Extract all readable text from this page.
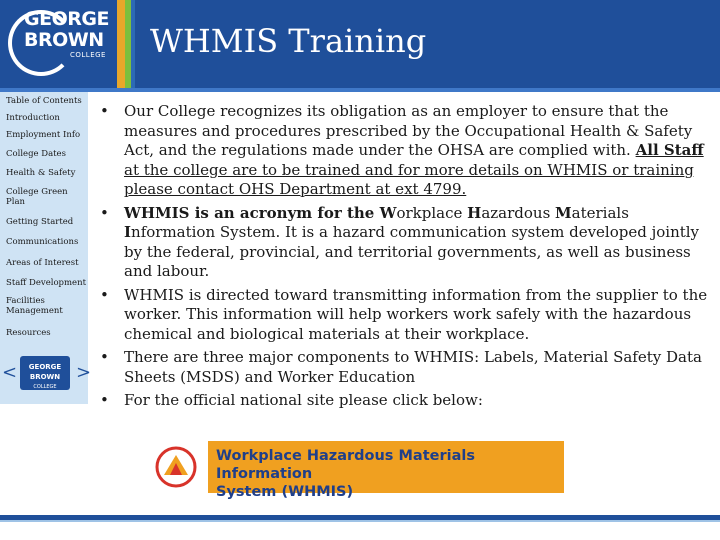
GEORGE
BROWN
COLLEGE WHMIS Training
Table of Contents
Introduction
Employment Info
College Dates
Health & Safety
College Green Plan
Getting Started
Communications
Areas of Interest
Staff Development
Facilities Management
Resources
<	GEORGE
BROWN
COLLEGE
>
• Our College recognizes its obligation as an employer to ensure that the measures and procedures prescribed by the Occupational Health & Safety Act, and the regulations made under the OHSA are complied with. All Staff at the college are to be trained and for more details on WHMIS or training please contact OHS Department at ext 4799.
• WHMIS is an acronym for the Workplace Hazardous Materials Information System. It is a hazard communication system developed jointly by the federal, provincial, and territorial governments, as well as business and labour.
• WHMIS is directed toward transmitting information from the supplier to the worker. This information will help workers work safely with the hazardous chemical and biological materials at their workplace.
• There are three major components to WHMIS: Labels, Material Safety Data Sheets (MSDS) and Worker Education
• For the official national site please click below:
Workplace Hazardous Materials Information
System (WHMIS)
